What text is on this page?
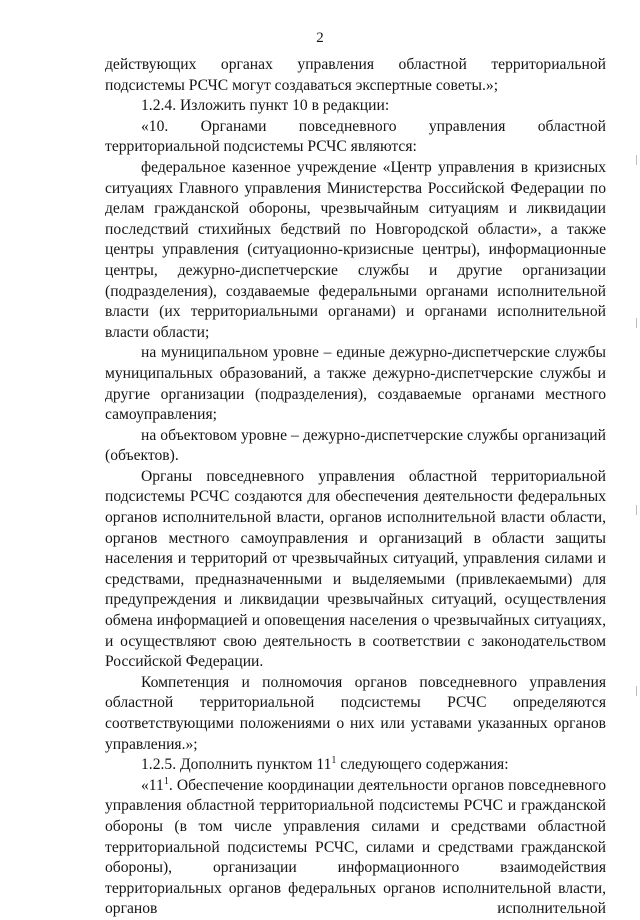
2

действующих органах управления областной территориальной подсистемы РСЧС могут создаваться экспертные советы.»;

1.2.4. Изложить пункт 10 в редакции:

«10. Органами повседневного управления областной территориальной подсистемы РСЧС являются:

федеральное казенное учреждение «Центр управления в кризисных ситуациях Главного управления Министерства Российской Федерации по делам гражданской обороны, чрезвычайным ситуациям и ликвидации последствий стихийных бедствий по Новгородской области», а также центры управления (ситуационно-кризисные центры), информационные центры, дежурно-диспетчерские службы и другие организации (подразделения), создаваемые федеральными органами исполнительной власти (их территориальными органами) и органами исполнительной власти области;

на муниципальном уровне – единые дежурно-диспетчерские службы муниципальных образований, а также дежурно-диспетчерские службы и другие организации (подразделения), создаваемые органами местного самоуправления;

на объектовом уровне – дежурно-диспетчерские службы организаций (объектов).

Органы повседневного управления областной территориальной подсистемы РСЧС создаются для обеспечения деятельности федеральных органов исполнительной власти, органов исполнительной власти области, органов местного самоуправления и организаций в области защиты населения и территорий от чрезвычайных ситуаций, управления силами и средствами, предназначенными и выделяемыми (привлекаемыми) для предупреждения и ликвидации чрезвычайных ситуаций, осуществления обмена информацией и оповещения населения о чрезвычайных ситуациях, и осуществляют свою деятельность в соответствии с законодательством Российской Федерации.

Компетенция и полномочия органов повседневного управления областной территориальной подсистемы РСЧС определяются соответствующими положениями о них или уставами указанных органов управления.»;

1.2.5. Дополнить пунктом $11^1$ следующего содержания:

«$11^1$. Обеспечение координации деятельности органов повседневного управления областной территориальной подсистемы РСЧС и гражданской обороны (в том числе управления силами и средствами областной территориальной подсистемы РСЧС, силами и средствами гражданской обороны), организации информационного взаимодействия территориальных органов федеральных органов исполнительной власти, органов исполнительной
